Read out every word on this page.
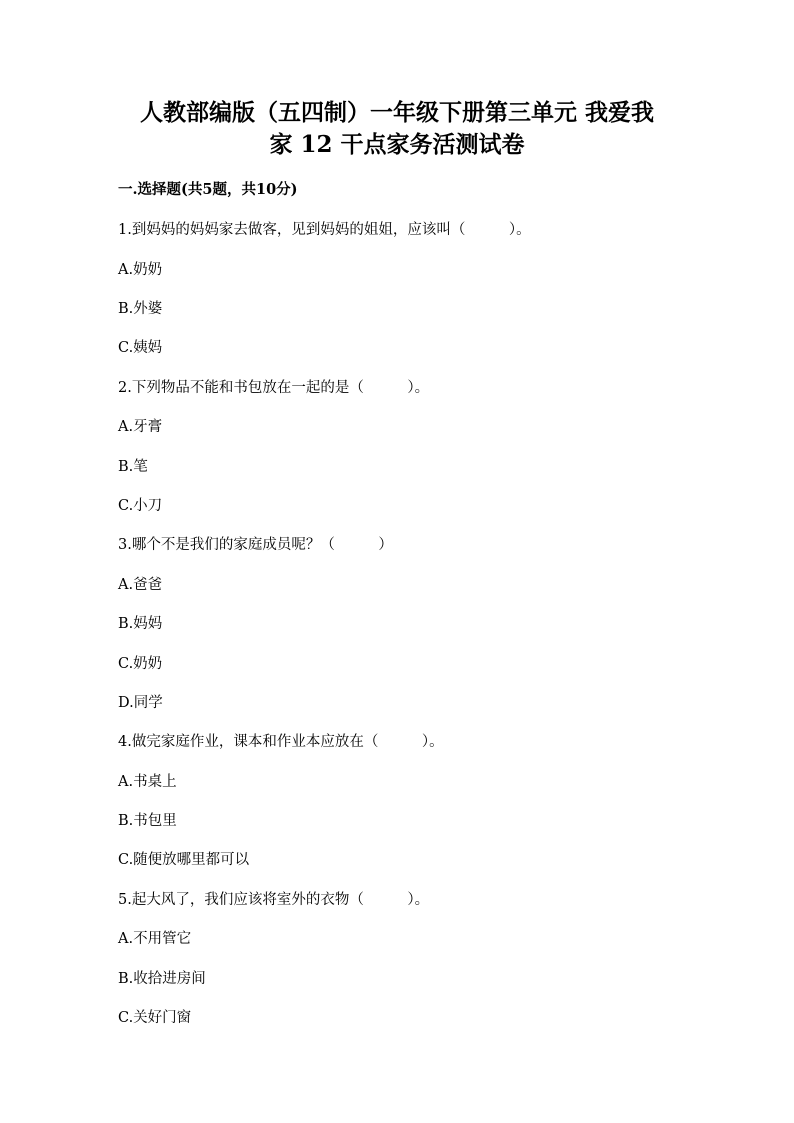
人教部编版（五四制）一年级下册第三单元 我爱我
家 12 干点家务活测试卷
一.选择题(共5题，共10分)
1.到妈妈的妈妈家去做客，见到妈妈的姐姐，应该叫（　　　）。
A.奶奶
B.外婆
C.姨妈
2.下列物品不能和书包放在一起的是（　　　）。
A.牙膏
B.笔
C.小刀
3.哪个不是我们的家庭成员呢？（　　　）
A.爸爸
B.妈妈
C.奶奶
D.同学
4.做完家庭作业，课本和作业本应放在（　　　）。
A.书桌上
B.书包里
C.随便放哪里都可以
5.起大风了，我们应该将室外的衣物（　　　）。
A.不用管它
B.收拾进房间
C.关好门窗
